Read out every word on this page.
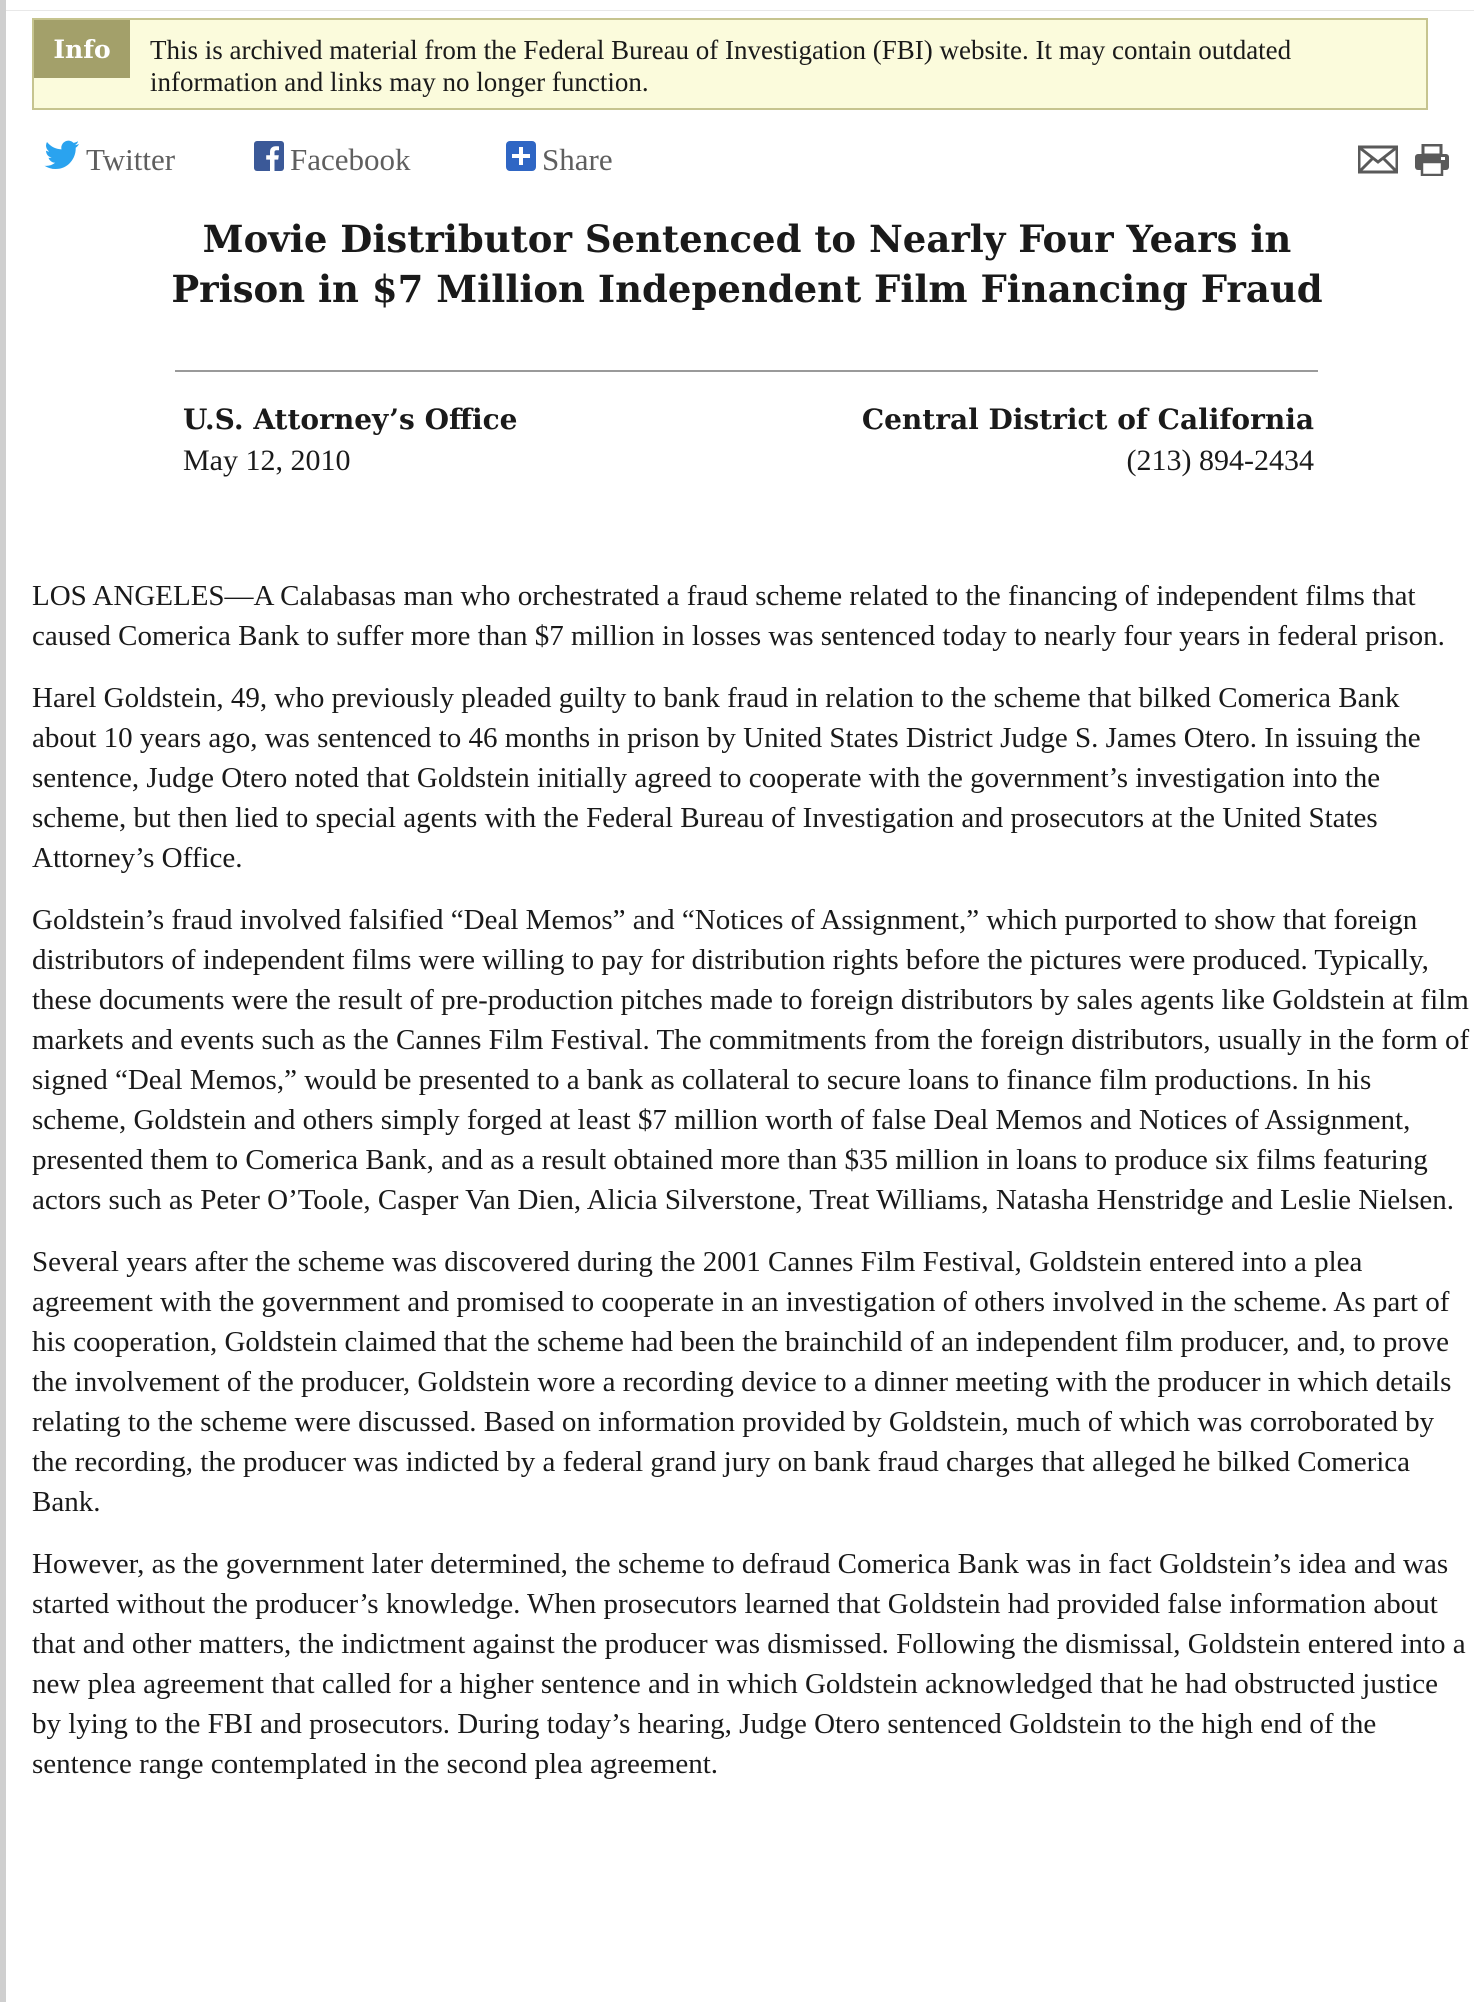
Info	This is archived material from the Federal Bureau of Investigation (FBI) website. It may contain outdated information and links may no longer function.
Twitter	Facebook	Share
Movie Distributor Sentenced to Nearly Four Years in Prison in $7 Million Independent Film Financing Fraud
U.S. Attorney’s Office
May 12, 2010
Central District of California
(213) 894-2434

LOS ANGELES—A Calabasas man who orchestrated a fraud scheme related to the financing of independent films that caused Comerica Bank to suffer more than $7 million in losses was sentenced today to nearly four years in federal prison.

Harel Goldstein, 49, who previously pleaded guilty to bank fraud in relation to the scheme that bilked Comerica Bank about 10 years ago, was sentenced to 46 months in prison by United States District Judge S. James Otero. In issuing the sentence, Judge Otero noted that Goldstein initially agreed to cooperate with the government’s investigation into the scheme, but then lied to special agents with the Federal Bureau of Investigation and prosecutors at the United States Attorney’s Office.

Goldstein’s fraud involved falsified “Deal Memos” and “Notices of Assignment,” which purported to show that foreign distributors of independent films were willing to pay for distribution rights before the pictures were produced. Typically, these documents were the result of pre-production pitches made to foreign distributors by sales agents like Goldstein at film markets and events such as the Cannes Film Festival. The commitments from the foreign distributors, usually in the form of signed “Deal Memos,” would be presented to a bank as collateral to secure loans to finance film productions. In his scheme, Goldstein and others simply forged at least $7 million worth of false Deal Memos and Notices of Assignment, presented them to Comerica Bank, and as a result obtained more than $35 million in loans to produce six films featuring actors such as Peter O’Toole, Casper Van Dien, Alicia Silverstone, Treat Williams, Natasha Henstridge and Leslie Nielsen.

Several years after the scheme was discovered during the 2001 Cannes Film Festival, Goldstein entered into a plea agreement with the government and promised to cooperate in an investigation of others involved in the scheme. As part of his cooperation, Goldstein claimed that the scheme had been the brainchild of an independent film producer, and, to prove the involvement of the producer, Goldstein wore a recording device to a dinner meeting with the producer in which details relating to the scheme were discussed. Based on information provided by Goldstein, much of which was corroborated by the recording, the producer was indicted by a federal grand jury on bank fraud charges that alleged he bilked Comerica Bank.

However, as the government later determined, the scheme to defraud Comerica Bank was in fact Goldstein’s idea and was started without the producer’s knowledge. When prosecutors learned that Goldstein had provided false information about that and other matters, the indictment against the producer was dismissed. Following the dismissal, Goldstein entered into a new plea agreement that called for a higher sentence and in which Goldstein acknowledged that he had obstructed justice by lying to the FBI and prosecutors. During today’s hearing, Judge Otero sentenced Goldstein to the high end of the sentence range contemplated in the second plea agreement.
